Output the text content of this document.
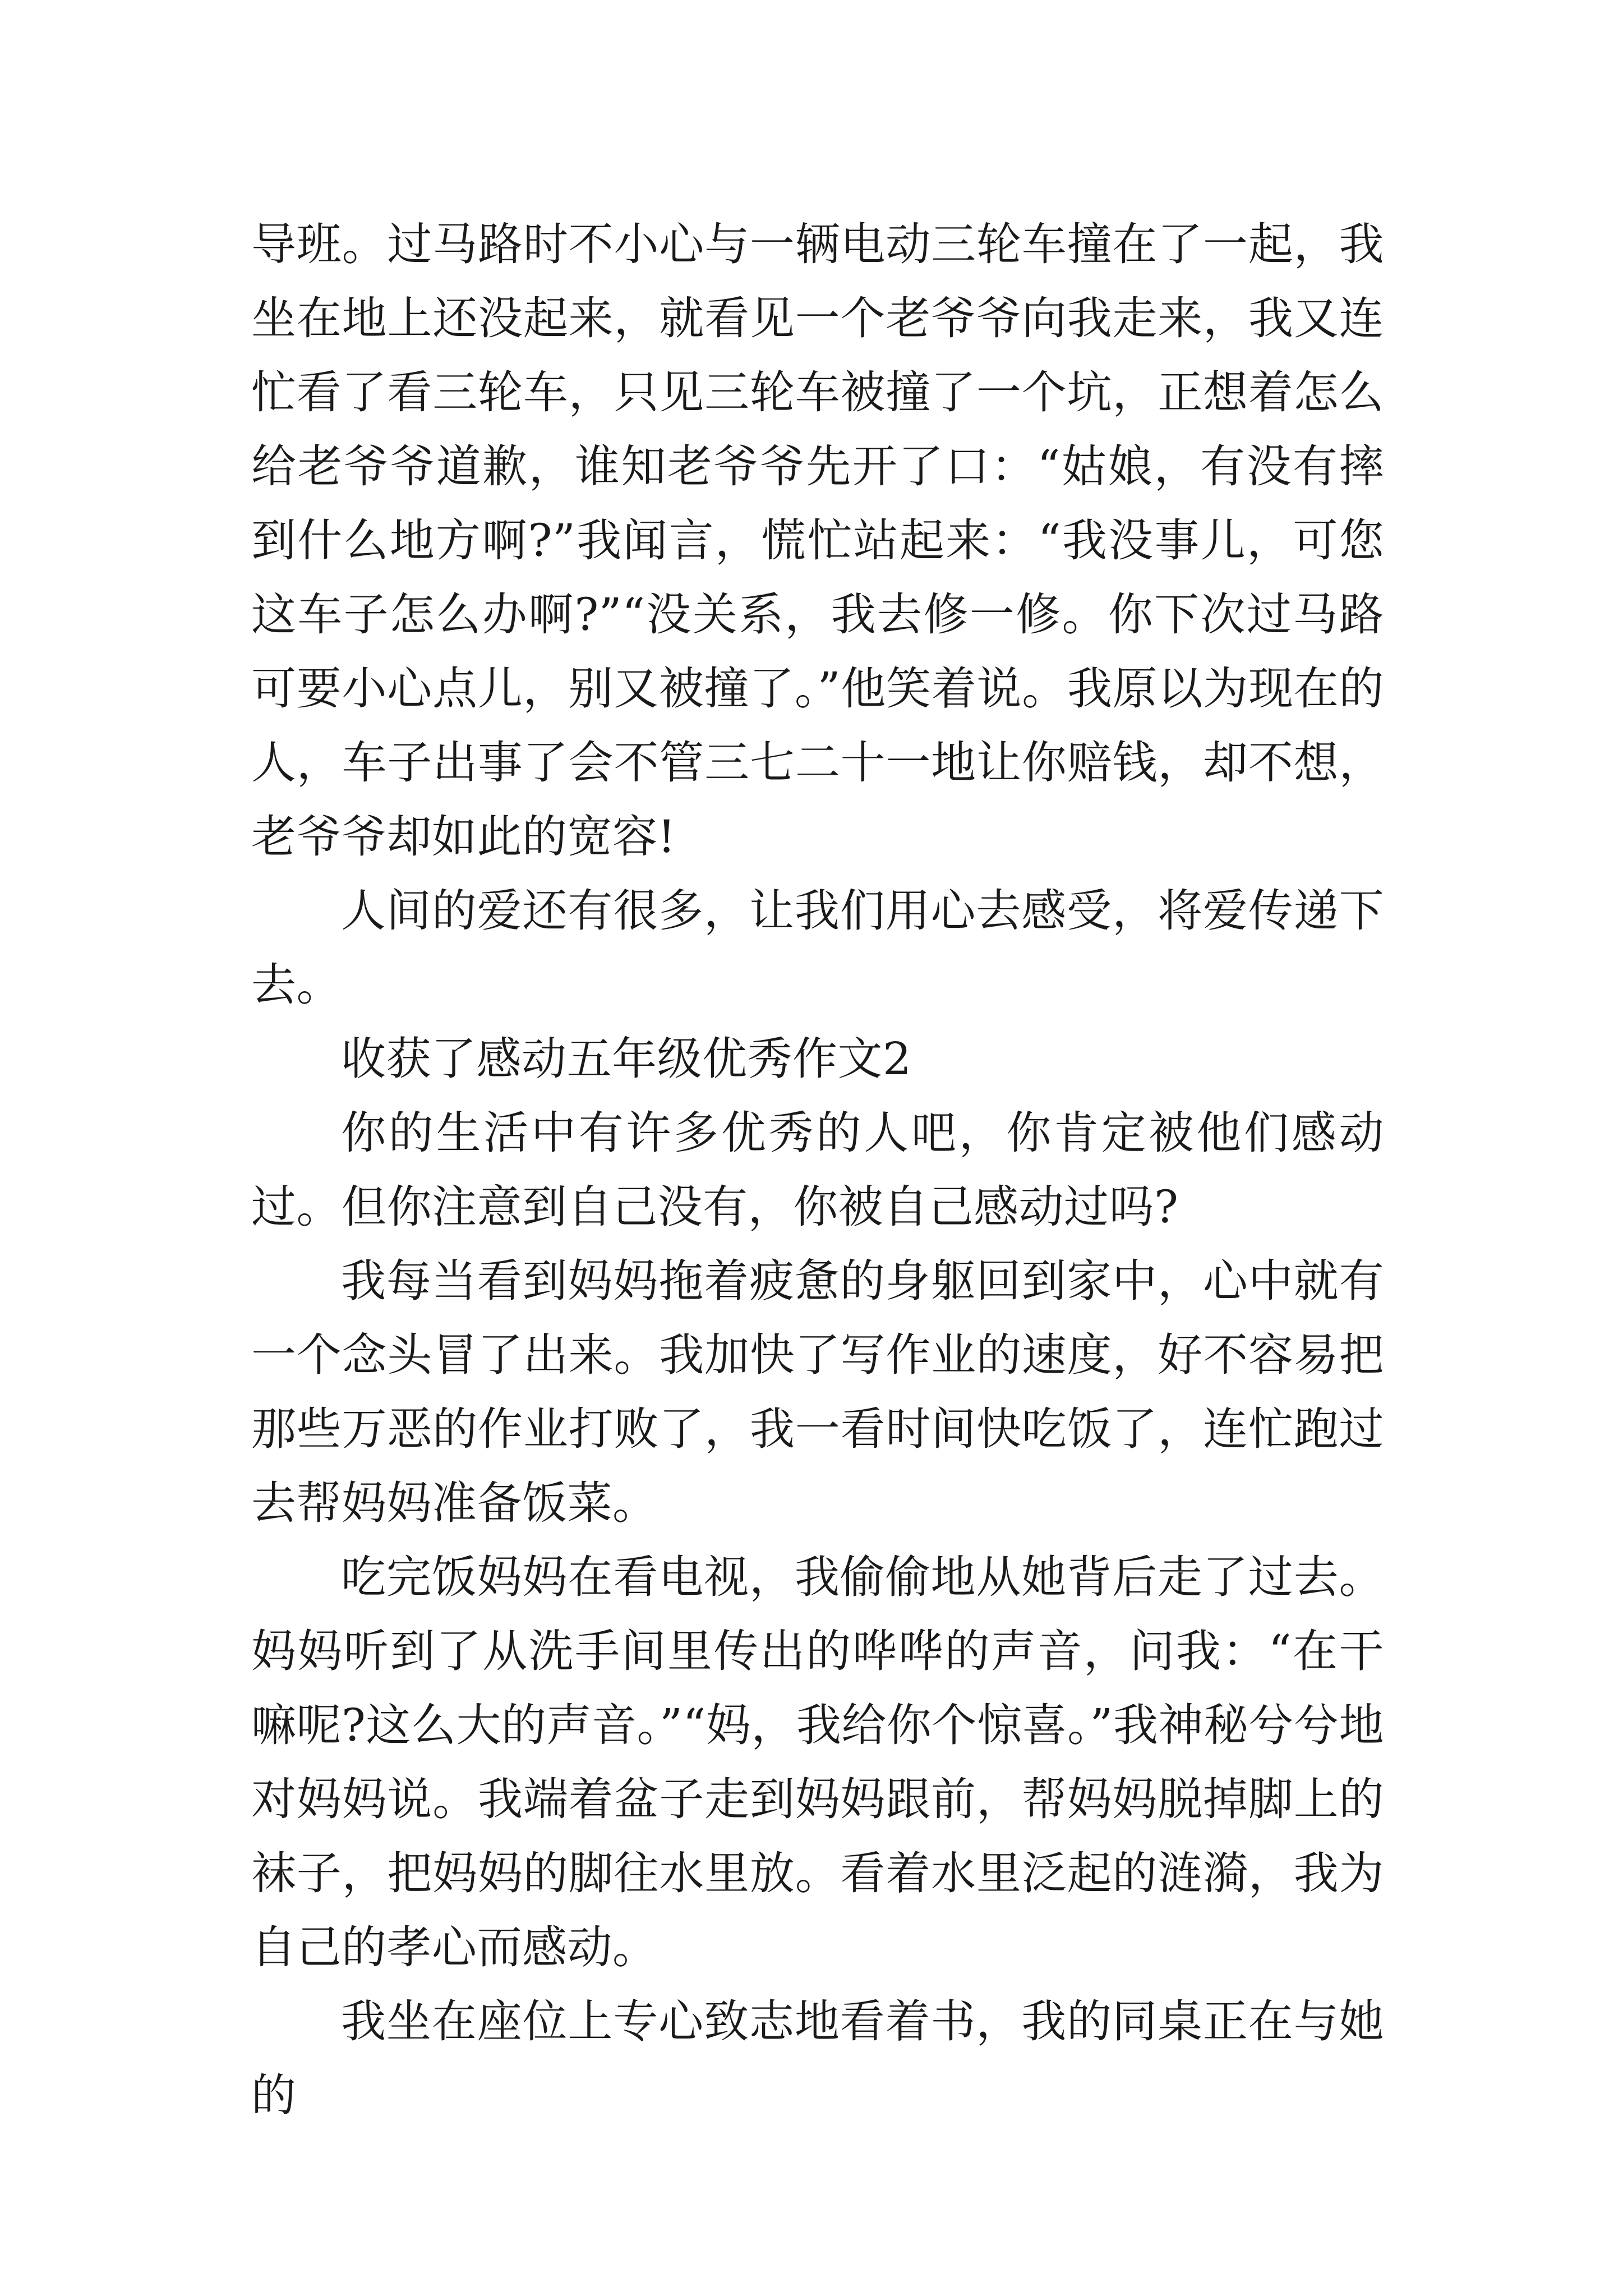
导班。过马路时不小心与一辆电动三轮车撞在了一起，我坐在地上还没起来，就看见一个老爷爷向我走来，我又连忙看了看三轮车，只见三轮车被撞了一个坑，正想着怎么给老爷爷道歉，谁知老爷爷先开了口：“姑娘，有没有摔到什么地方啊?”我闻言，慌忙站起来：“我没事儿，可您这车子怎么办啊?”“没关系，我去修一修。你下次过马路可要小心点儿，别又被撞了。”他笑着说。我原以为现在的人，车子出事了会不管三七二十一地让你赔钱，却不想，老爷爷却如此的宽容!

人间的爱还有很多，让我们用心去感受，将爱传递下去。

收获了感动五年级优秀作文2

你的生活中有许多优秀的人吧，你肯定被他们感动过。但你注意到自己没有，你被自己感动过吗?

我每当看到妈妈拖着疲惫的身躯回到家中，心中就有一个念头冒了出来。我加快了写作业的速度，好不容易把那些万恶的作业打败了，我一看时间快吃饭了，连忙跑过去帮妈妈准备饭菜。

吃完饭妈妈在看电视，我偷偷地从她背后走了过去。妈妈听到了从洗手间里传出的哗哗的声音，问我：“在干嘛呢?这么大的声音。”“妈，我给你个惊喜。”我神秘兮兮地对妈妈说。我端着盆子走到妈妈跟前，帮妈妈脱掉脚上的袜子，把妈妈的脚往水里放。看着水里泛起的涟漪，我为自己的孝心而感动。

我坐在座位上专心致志地看着书，我的同桌正在与她的
